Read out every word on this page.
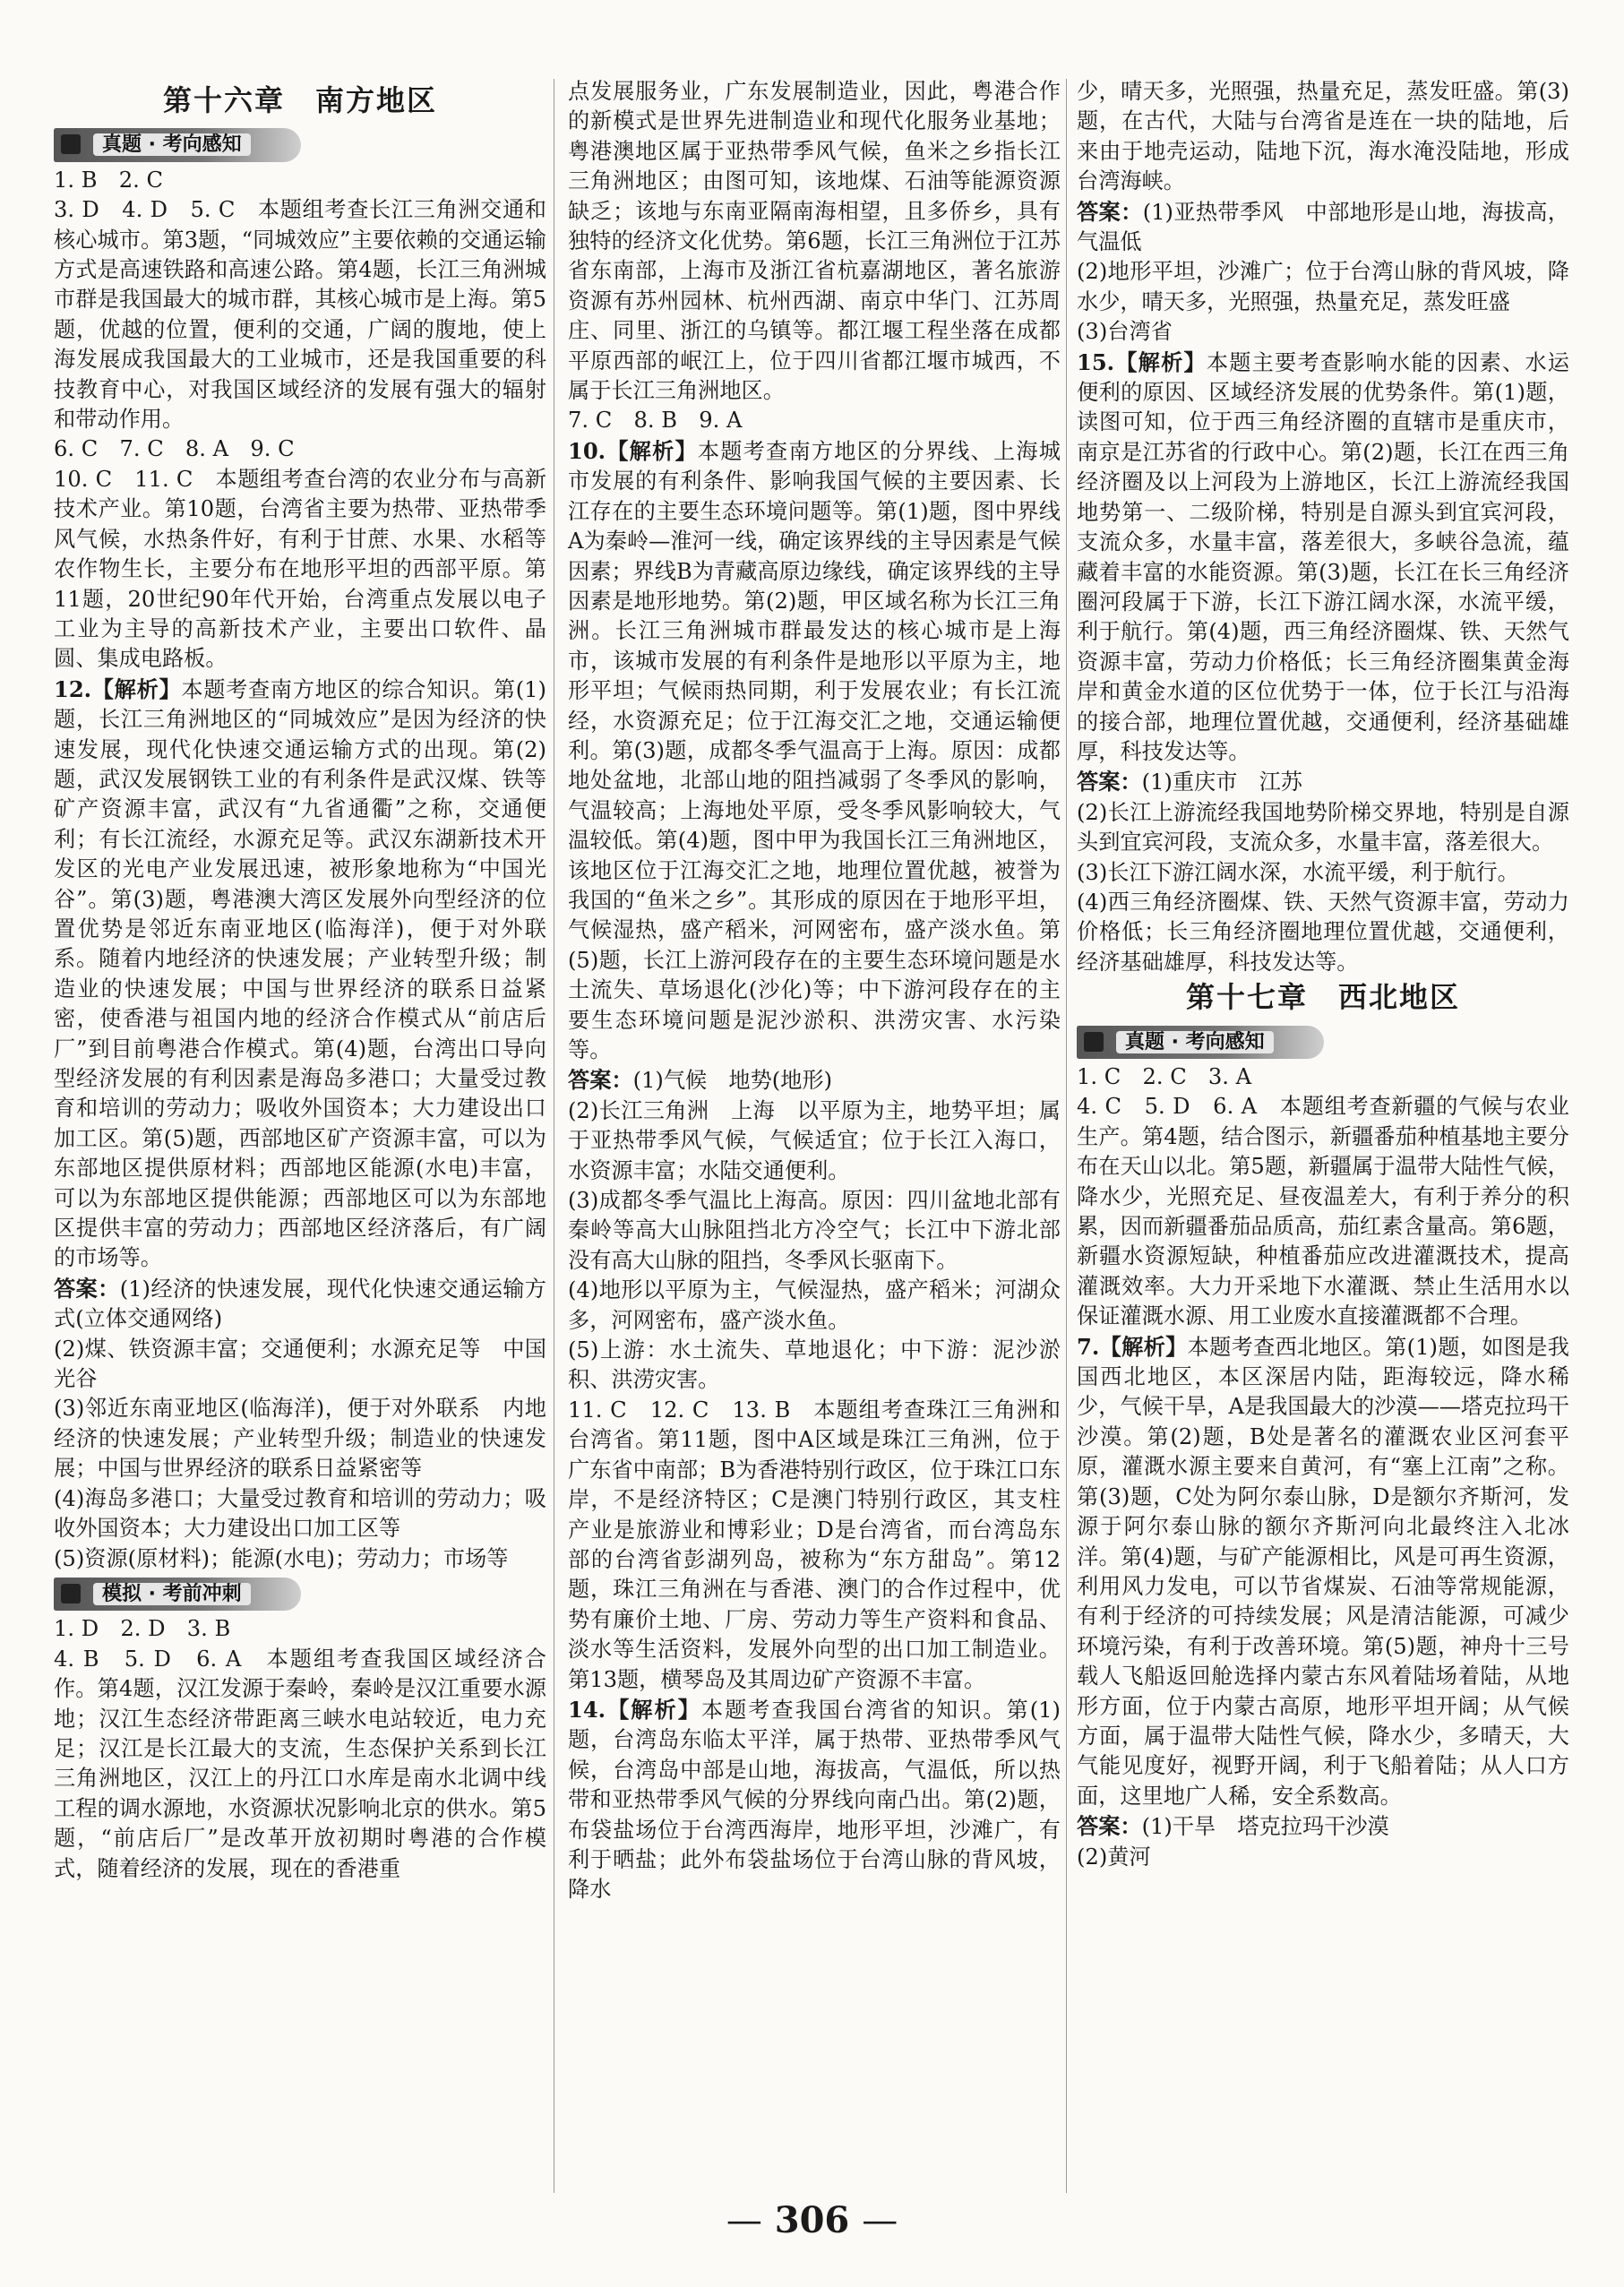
第十六章　南方地区
真题 · 考向感知

1. B　2. C

3. D　4. D　5. C　本题组考查长江三角洲交通和核心城市。第3题，“同城效应”主要依赖的交通运输方式是高速铁路和高速公路。第4题，长江三角洲城市群是我国最大的城市群，其核心城市是上海。第5题，优越的位置，便利的交通，广阔的腹地，使上海发展成我国最大的工业城市，还是我国重要的科技教育中心，对我国区域经济的发展有强大的辐射和带动作用。

6. C　7. C　8. A　9. C

10. C　11. C　本题组考查台湾的农业分布与高新技术产业。第10题，台湾省主要为热带、亚热带季风气候，水热条件好，有利于甘蔗、水果、水稻等农作物生长，主要分布在地形平坦的西部平原。第11题，20世纪90年代开始，台湾重点发展以电子工业为主导的高新技术产业，主要出口软件、晶圆、集成电路板。

12.【解析】本题考查南方地区的综合知识。第(1)题，长江三角洲地区的“同城效应”是因为经济的快速发展，现代化快速交通运输方式的出现。第(2)题，武汉发展钢铁工业的有利条件是武汉煤、铁等矿产资源丰富，武汉有“九省通衢”之称，交通便利；有长江流经，水源充足等。武汉东湖新技术开发区的光电产业发展迅速，被形象地称为“中国光谷”。第(3)题，粤港澳大湾区发展外向型经济的位置优势是邻近东南亚地区(临海洋)，便于对外联系。随着内地经济的快速发展；产业转型升级；制造业的快速发展；中国与世界经济的联系日益紧密，使香港与祖国内地的经济合作模式从“前店后厂”到目前粤港合作模式。第(4)题，台湾出口导向型经济发展的有利因素是海岛多港口；大量受过教育和培训的劳动力；吸收外国资本；大力建设出口加工区。第(5)题，西部地区矿产资源丰富，可以为东部地区提供原材料；西部地区能源(水电)丰富，可以为东部地区提供能源；西部地区可以为东部地区提供丰富的劳动力；西部地区经济落后，有广阔的市场等。

答案：(1)经济的快速发展，现代化快速交通运输方式(立体交通网络)

(2)煤、铁资源丰富；交通便利；水源充足等　中国光谷

(3)邻近东南亚地区(临海洋)，便于对外联系　内地经济的快速发展；产业转型升级；制造业的快速发展；中国与世界经济的联系日益紧密等

(4)海岛多港口；大量受过教育和培训的劳动力；吸收外国资本；大力建设出口加工区等

(5)资源(原材料)；能源(水电)；劳动力；市场等

模拟 · 考前冲刺

1. D　2. D　3. B

4. B　5. D　6. A　本题组考查我国区域经济合作。第4题，汉江发源于秦岭，秦岭是汉江重要水源地；汉江生态经济带距离三峡水电站较近，电力充足；汉江是长江最大的支流，生态保护关系到长江三角洲地区，汉江上的丹江口水库是南水北调中线工程的调水源地，水资源状况影响北京的供水。第5题，“前店后厂”是改革开放初期时粤港的合作模式，随着经济的发展，现在的香港重

点发展服务业，广东发展制造业，因此，粤港合作的新模式是世界先进制造业和现代化服务业基地；粤港澳地区属于亚热带季风气候，鱼米之乡指长江三角洲地区；由图可知，该地煤、石油等能源资源缺乏；该地与东南亚隔南海相望，且多侨乡，具有独特的经济文化优势。第6题，长江三角洲位于江苏省东南部，上海市及浙江省杭嘉湖地区，著名旅游资源有苏州园林、杭州西湖、南京中华门、江苏周庄、同里、浙江的乌镇等。都江堰工程坐落在成都平原西部的岷江上，位于四川省都江堰市城西，不属于长江三角洲地区。

7. C　8. B　9. A

10.【解析】本题考查南方地区的分界线、上海城市发展的有利条件、影响我国气候的主要因素、长江存在的主要生态环境问题等。第(1)题，图中界线A为秦岭—淮河一线，确定该界线的主导因素是气候因素；界线B为青藏高原边缘线，确定该界线的主导因素是地形地势。第(2)题，甲区域名称为长江三角洲。长江三角洲城市群最发达的核心城市是上海市，该城市发展的有利条件是地形以平原为主，地形平坦；气候雨热同期，利于发展农业；有长江流经，水资源充足；位于江海交汇之地，交通运输便利。第(3)题，成都冬季气温高于上海。原因：成都地处盆地，北部山地的阻挡减弱了冬季风的影响，气温较高；上海地处平原，受冬季风影响较大，气温较低。第(4)题，图中甲为我国长江三角洲地区，该地区位于江海交汇之地，地理位置优越，被誉为我国的“鱼米之乡”。其形成的原因在于地形平坦，气候湿热，盛产稻米，河网密布，盛产淡水鱼。第(5)题，长江上游河段存在的主要生态环境问题是水土流失、草场退化(沙化)等；中下游河段存在的主要生态环境问题是泥沙淤积、洪涝灾害、水污染等。

答案：(1)气候　地势(地形)

(2)长江三角洲　上海　以平原为主，地势平坦；属于亚热带季风气候，气候适宜；位于长江入海口，水资源丰富；水陆交通便利。

(3)成都冬季气温比上海高。原因：四川盆地北部有秦岭等高大山脉阻挡北方冷空气；长江中下游北部没有高大山脉的阻挡，冬季风长驱南下。

(4)地形以平原为主，气候湿热，盛产稻米；河湖众多，河网密布，盛产淡水鱼。

(5)上游：水土流失、草地退化；中下游：泥沙淤积、洪涝灾害。

11. C　12. C　13. B　本题组考查珠江三角洲和台湾省。第11题，图中A区域是珠江三角洲，位于广东省中南部；B为香港特别行政区，位于珠江口东岸，不是经济特区；C是澳门特别行政区，其支柱产业是旅游业和博彩业；D是台湾省，而台湾岛东部的台湾省彭湖列岛，被称为“东方甜岛”。第12题，珠江三角洲在与香港、澳门的合作过程中，优势有廉价土地、厂房、劳动力等生产资料和食品、淡水等生活资料，发展外向型的出口加工制造业。第13题，横琴岛及其周边矿产资源不丰富。

14.【解析】本题考查我国台湾省的知识。第(1)题，台湾岛东临太平洋，属于热带、亚热带季风气候，台湾岛中部是山地，海拔高，气温低，所以热带和亚热带季风气候的分界线向南凸出。第(2)题，布袋盐场位于台湾西海岸，地形平坦，沙滩广，有利于晒盐；此外布袋盐场位于台湾山脉的背风坡，降水

少，晴天多，光照强，热量充足，蒸发旺盛。第(3)题，在古代，大陆与台湾省是连在一块的陆地，后来由于地壳运动，陆地下沉，海水淹没陆地，形成台湾海峡。

答案：(1)亚热带季风　中部地形是山地，海拔高，气温低

(2)地形平坦，沙滩广；位于台湾山脉的背风坡，降水少，晴天多，光照强，热量充足，蒸发旺盛

(3)台湾省

15.【解析】本题主要考查影响水能的因素、水运便利的原因、区域经济发展的优势条件。第(1)题，读图可知，位于西三角经济圈的直辖市是重庆市，南京是江苏省的行政中心。第(2)题，长江在西三角经济圈及以上河段为上游地区，长江上游流经我国地势第一、二级阶梯，特别是自源头到宜宾河段，支流众多，水量丰富，落差很大，多峡谷急流，蕴藏着丰富的水能资源。第(3)题，长江在长三角经济圈河段属于下游，长江下游江阔水深，水流平缓，利于航行。第(4)题，西三角经济圈煤、铁、天然气资源丰富，劳动力价格低；长三角经济圈集黄金海岸和黄金水道的区位优势于一体，位于长江与沿海的接合部，地理位置优越，交通便利，经济基础雄厚，科技发达等。

答案：(1)重庆市　江苏

(2)长江上游流经我国地势阶梯交界地，特别是自源头到宜宾河段，支流众多，水量丰富，落差很大。

(3)长江下游江阔水深，水流平缓，利于航行。

(4)西三角经济圈煤、铁、天然气资源丰富，劳动力价格低；长三角经济圈地理位置优越，交通便利，经济基础雄厚，科技发达等。

第十七章　西北地区
真题 · 考向感知

1. C　2. C　3. A

4. C　5. D　6. A　本题组考查新疆的气候与农业生产。第4题，结合图示，新疆番茄种植基地主要分布在天山以北。第5题，新疆属于温带大陆性气候，降水少，光照充足、昼夜温差大，有利于养分的积累，因而新疆番茄品质高，茄红素含量高。第6题，新疆水资源短缺，种植番茄应改进灌溉技术，提高灌溉效率。大力开采地下水灌溉、禁止生活用水以保证灌溉水源、用工业废水直接灌溉都不合理。

7.【解析】本题考查西北地区。第(1)题，如图是我国西北地区，本区深居内陆，距海较远，降水稀少，气候干旱，A是我国最大的沙漠——塔克拉玛干沙漠。第(2)题，B处是著名的灌溉农业区河套平原，灌溉水源主要来自黄河，有“塞上江南”之称。第(3)题，C处为阿尔泰山脉，D是额尔齐斯河，发源于阿尔泰山脉的额尔齐斯河向北最终注入北冰洋。第(4)题，与矿产能源相比，风是可再生资源，利用风力发电，可以节省煤炭、石油等常规能源，有利于经济的可持续发展；风是清洁能源，可减少环境污染，有利于改善环境。第(5)题，神舟十三号载人飞船返回舱选择内蒙古东风着陆场着陆，从地形方面，位于内蒙古高原，地形平坦开阔；从气候方面，属于温带大陆性气候，降水少，多晴天，大气能见度好，视野开阔，利于飞船着陆；从人口方面，这里地广人稀，安全系数高。

答案：(1)干旱　塔克拉玛干沙漠

(2)黄河

— 306 —
